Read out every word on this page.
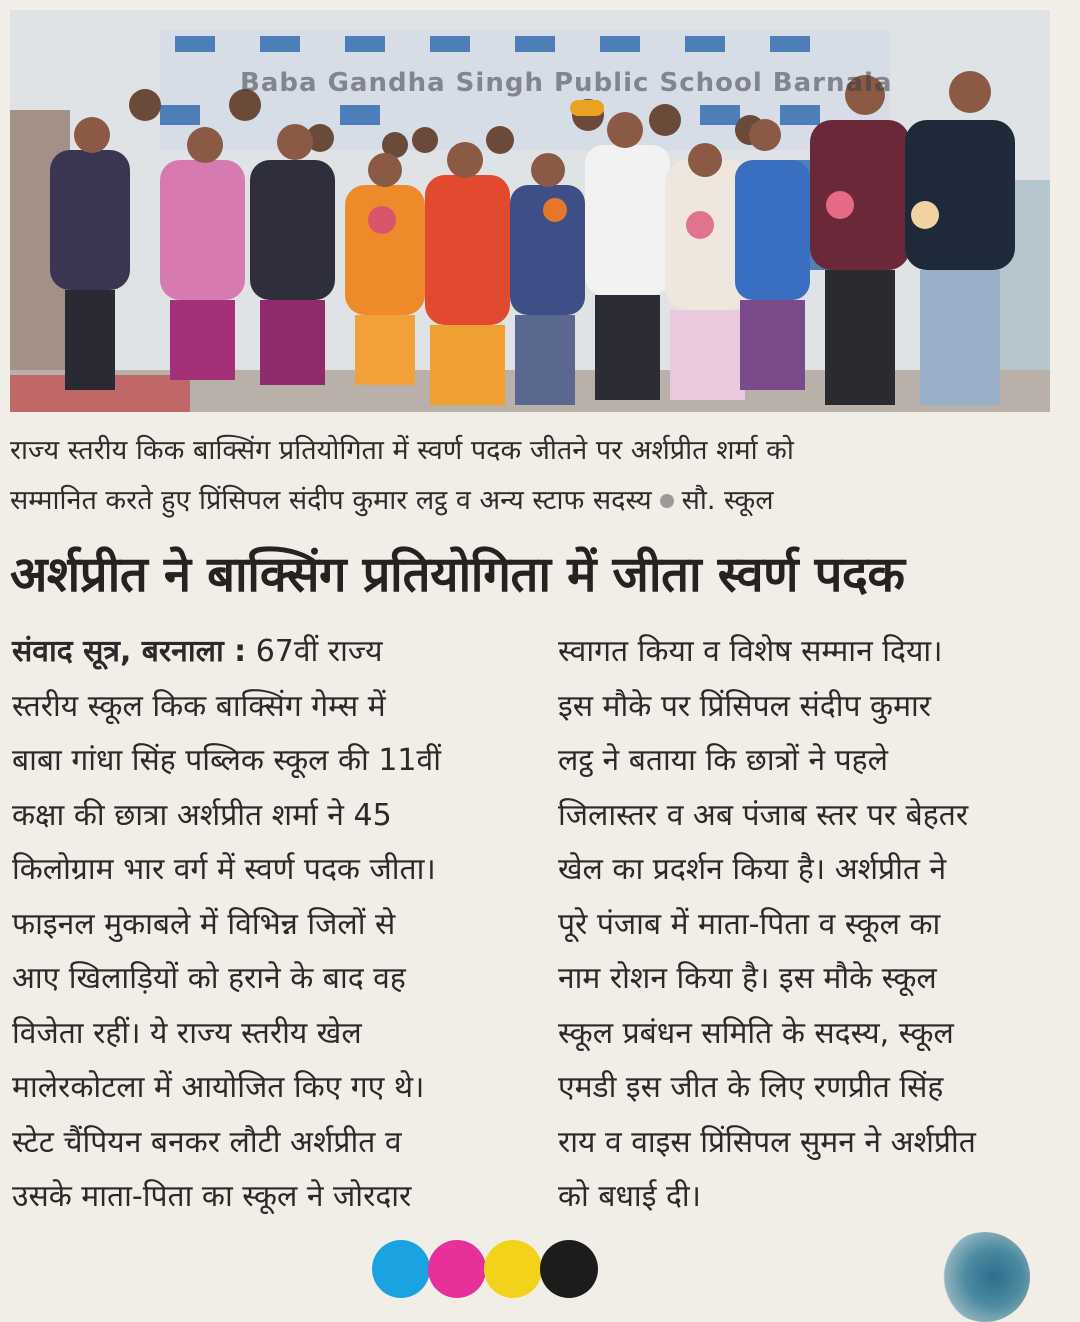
Baba Gandha Singh Public School Barnala
राज्य स्तरीय किक बाक्सिंग प्रतियोगिता में स्वर्ण पदक जीतने पर अर्शप्रीत शर्मा को
सम्मानित करते हुए प्रिंसिपल संदीप कुमार लट्ठ व अन्य स्टाफ सदस्य सौ. स्कूल
अर्शप्रीत ने बाक्सिंग प्रतियोगिता में जीता स्वर्ण पदक
संवाद सूत्र, बरनाला : 67वीं राज्य
स्तरीय स्कूल किक बाक्सिंग गेम्स में
बाबा गांधा सिंह पब्लिक स्कूल की 11वीं
कक्षा की छात्रा अर्शप्रीत शर्मा ने 45
किलोग्राम भार वर्ग में स्वर्ण पदक जीता।
फाइनल मुकाबले में विभिन्न जिलों से
आए खिलाड़ियों को हराने के बाद वह
विजेता रहीं। ये राज्य स्तरीय खेल
मालेरकोटला में आयोजित किए गए थे।
स्टेट चैंपियन बनकर लौटी अर्शप्रीत व
उसके माता-पिता का स्कूल ने जोरदार
स्वागत किया व विशेष सम्मान दिया।
इस मौके पर प्रिंसिपल संदीप कुमार
लट्ठ ने बताया कि छात्रों ने पहले
जिलास्तर व अब पंजाब स्तर पर बेहतर
खेल का प्रदर्शन किया है। अर्शप्रीत ने
पूरे पंजाब में माता-पिता व स्कूल का
नाम रोशन किया है। इस मौके स्कूल
स्कूल प्रबंधन समिति के सदस्य, स्कूल
एमडी इस जीत के लिए रणप्रीत सिंह
राय व वाइस प्रिंसिपल सुमन ने अर्शप्रीत
को बधाई दी।
